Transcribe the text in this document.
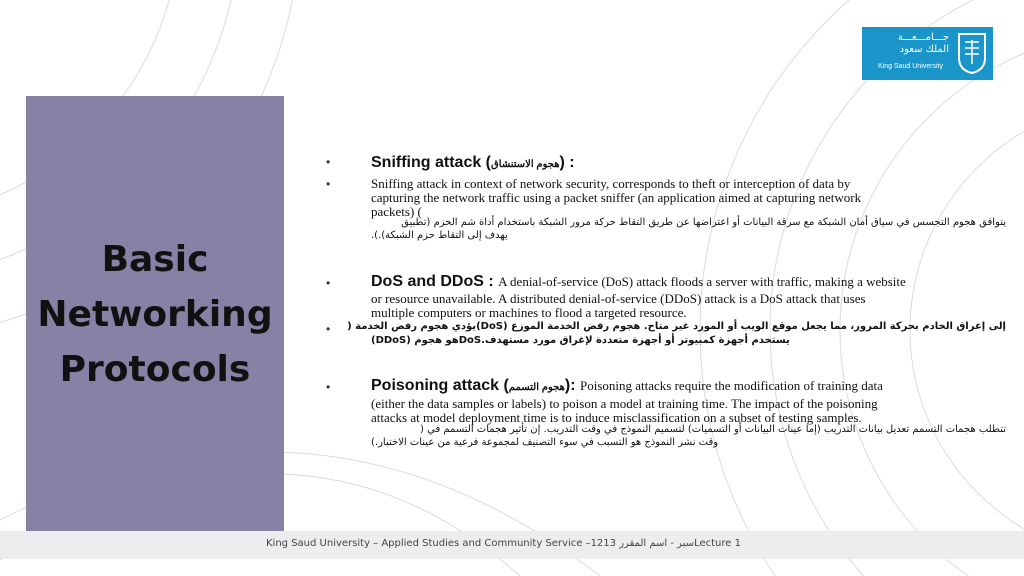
جـــامـــعـــة
الملك سعود
King Saud University
Basic
Networking
Protocols
•	Sniffing attack (هجوم الاستنشاق) :
•	Sniffing attack in context of network security, corresponds to theft or interception of data by
capturing the network traffic using a packet sniffer (an application aimed at capturing network
packets) (
يتوافق هجوم التجسس في سياق أمان الشبكة مع سرقة البيانات أو اعتراضها عن طريق التقاط حركة مرور الشبكة باستخدام أداة شم الحزم (تطبيق
يهدف إلى التقاط حزم الشبكة).).
•	DoS and DDoS : A denial-of-service (DoS) attack floods a server with traffic, making a website
or resource unavailable. A distributed denial-of-service (DDoS) attack is a DoS attack that uses
multiple computers or machines to flood a targeted resource.
• إلى إغراق الخادم بحركة المرور، مما يجعل موقع الويب أو المورد غير متاح. هجوم رفض الخدمة الموزع (DoS)يؤدي هجوم رفض الخدمة (
يستخدم أجهزة كمبيوتر أو أجهزة متعددة لإغراق مورد مستهدف.DoSهو هجوم (DDoS)
•	Poisoning attack (هجوم التسمم): Poisoning attacks require the modification of training data
(either the data samples or labels) to poison a model at training time. The impact of the poisoning
attacks at model deployment time is to induce misclassification on a subset of testing samples.
تتطلب هجمات التسمم تعديل بيانات التدريب (إما عينات البيانات أو التسميات) لتسميم النموذج في وقت التدريب. إن تأثير هجمات التسمم في (
وقت نشر النموذج هو التسبب في سوء التصنيف لمجموعة فرعية من عينات الاختبار.)
King Saud University – Applied Studies and Community Service –1213 سبر - اسم المقررLecture 1
